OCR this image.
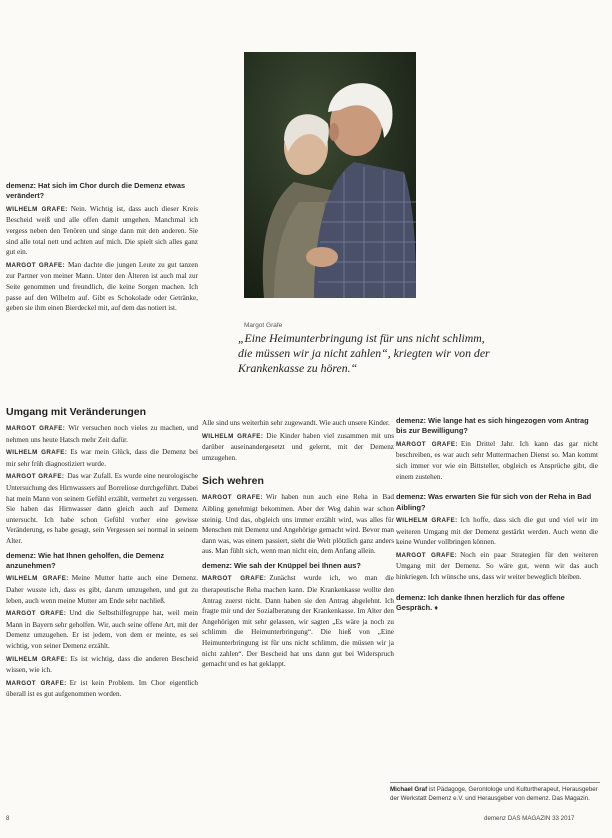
Margot Grafe
„Eine Heimunterbringung ist für uns nicht schlimm, die müssen wir ja nicht zahlen“, kriegten wir von der Krankenkasse zu hören.“
demenz: Hat sich im Chor durch die Demenz etwas verändert?

WILHELM GRAFE: Nein. Wichtig ist, dass auch dieser Kreis Bescheid weiß und alle offen damit umgehen. Manchmal ich vergess neben den Tenören und singe dann mit den anderen. Sie sind alle total nett und achten auf mich. Die spielt sich alles ganz gut ein.

MARGOT GRAFE: Man dachte die jungen Leute zu gut tanzen zur Partner von meiner Mann. Unter den Älteren ist auch mal zur Seite genommen und freundlich, die keine Sorgen machen. Ich passe auf den Wilhelm auf. Gibt es Schokolade oder Getränke, geben sie ihm einen Bierdeckel mit, auf dem das notiert ist.

Umgang mit Veränderungen

MARGOT GRAFE: Wir versuchen noch vieles zu machen, und nehmen uns heute Hatsch mehr Zeit dafür.

WILHELM GRAFE: Es war mein Glück, dass die Demenz bei mir sehr früh diagnostiziert wurde.

MARGOT GRAFE: Das war Zufall. Es wurde eine neurologische Untersuchung des Hirnwassers auf Borreliose durchgeführt. Dabei hat mein Mann von seinem Gefühl erzählt, vermehrt zu vergessen. Sie haben das Hirnwasser dann gleich auch auf Demenz untersucht. Ich habe schon Gefühl vorher eine gewisse Veränderung, es habe gesagt, sein Vergessen sei normal in seinem Alter.

demenz: Wie hat Ihnen geholfen, die Demenz anzunehmen?

WILHELM GRAFE: Meine Mutter hatte auch eine Demenz. Daher wusste ich, dass es gibt, darum umzugehen, und gut zu leben, auch wenn meine Mutter am Ende sehr nachließ.

MARGOT GRAFE: Und die Selbsthilfegruppe hat, weil mein Mann in Bayern sehr geholfen. Wir, auch seine offene Art, mit der Demenz umzugehen. Er ist jedem, von dem er meinte, es sei wichtig, von seiner Demenz erzählt.

WILHELM GRAFE: Es ist wichtig, dass die anderen Bescheid wissen, wie ich.

MARGOT GRAFE: Er ist kein Problem. Im Chor eigentlich überall ist es gut aufgenommen worden.

Alle sind uns weiterhin sehr zugewandt. Wie auch unsere Kinder.

WILHELM GRAFE: Die Kinder haben viel zusammen mit uns darüber auseinandergesetzt und gelernt, mit der Demenz umzugehen.

Sich wehren

MARGOT GRAFE: Wir haben nun auch eine Reha in Bad Aibling genehmigt bekommen. Aber der Weg dahin war schon steinig. Und das, obgleich uns immer erzählt wird, was alles für Menschen mit Demenz und Angehörige gemacht wird. Bevor man dann was, was einem passiert, sieht die Welt plötzlich ganz anders aus. Man fühlt sich, wenn man nicht ein, dem Anfang allein.

demenz: Wie sah der Knüppel bei Ihnen aus?

MARGOT GRAFE: Zunächst wurde ich, wo man die therapeutische Reha machen kann. Die Krankenkasse wollte den Antrag zuerst nicht. Dann haben sie den Antrag abgelehnt. Ich fragte mir und der Sozialberatung der Krankenkasse. Im Alter den Angehörigen mit sehr gelassen, wir sagten „Es wäre ja noch zu schlimm die Heimunterbringung“. Die hieß von „Eine Heimunterbringung ist für uns nicht schlimm, die müssen wir ja nicht zahlen“. Der Bescheid hat uns dann gut bei Widerspruch gemacht und es hat geklappt.

demenz: Wie lange hat es sich hingezogen vom Antrag bis zur Bewilligung?

MARGOT GRAFE: Ein Drittel Jahr. Ich kann das gar nicht beschreiben, es war auch sehr Muttermachen Dienst so. Man kommt sich immer vor wie ein Bittsteller, obgleich es Ansprüche gibt, die einem zustehen.

demenz: Was erwarten Sie für sich von der Reha in Bad Aibling?

WILHELM GRAFE: Ich hoffe, dass sich die gut und viel wir im weiteren Umgang mit der Demenz gestärkt werden. Auch wenn die keine Wunder vollbringen können.

MARGOT GRAFE: Noch ein paar Strategien für den weiteren Umgang mit der Demenz. So wäre gut, wenn wir das auch hinkriegen. Ich wünsche uns, dass wir weiter beweglich bleiben.

demenz: Ich danke Ihnen herzlich für das offene Gespräch. ♦
Michael Graf ist Pädagoge, Gerontologe und Kulturtherapeut, Herausgeber der Werkstatt Demenz e.V. und Herausgeber von demenz. Das Magazin.
8	demenz DAS MAGAZIN 33 2017
